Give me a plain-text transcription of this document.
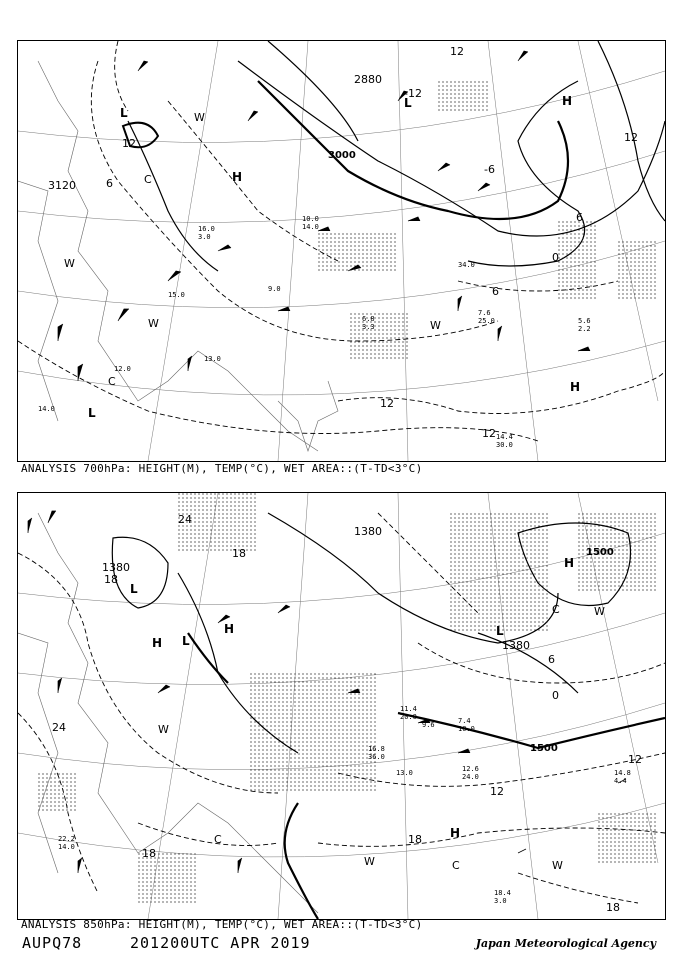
3000
3120
2880
12
12
6
6
0
-6
-12
12
12
6
12
L
H
H
H
L
L
C
C
W
W
W	W
16.0
3.0
10.0
14.0
6.8
3.3
7.6
25.0	5.6
2.2
14.4
30.0
12.0
14.0
15.0
9.0
34.0
13.0
ANALYSIS 700hPa: HEIGHT(M), TEMP(°C), WET AREA::(T-TD<3°C)
1380
1500
1500
1380
1380
18
24
24
18
12
18
18
12
6
0
18
L
L
L
H
H
H
H
C
C
C
W
W	W
W
16.8
36.0
13.0	12.6
24.0	14.8
4.4
18.4
3.0
22.2
14.0
11.4
20.0
9.6	7.4
10.0
ANALYSIS 850hPa: HEIGHT(M), TEMP(°C), WET AREA::(T-TD<3°C)
AUPQ78	201200UTC APR 2019	Japan Meteorological Agency
